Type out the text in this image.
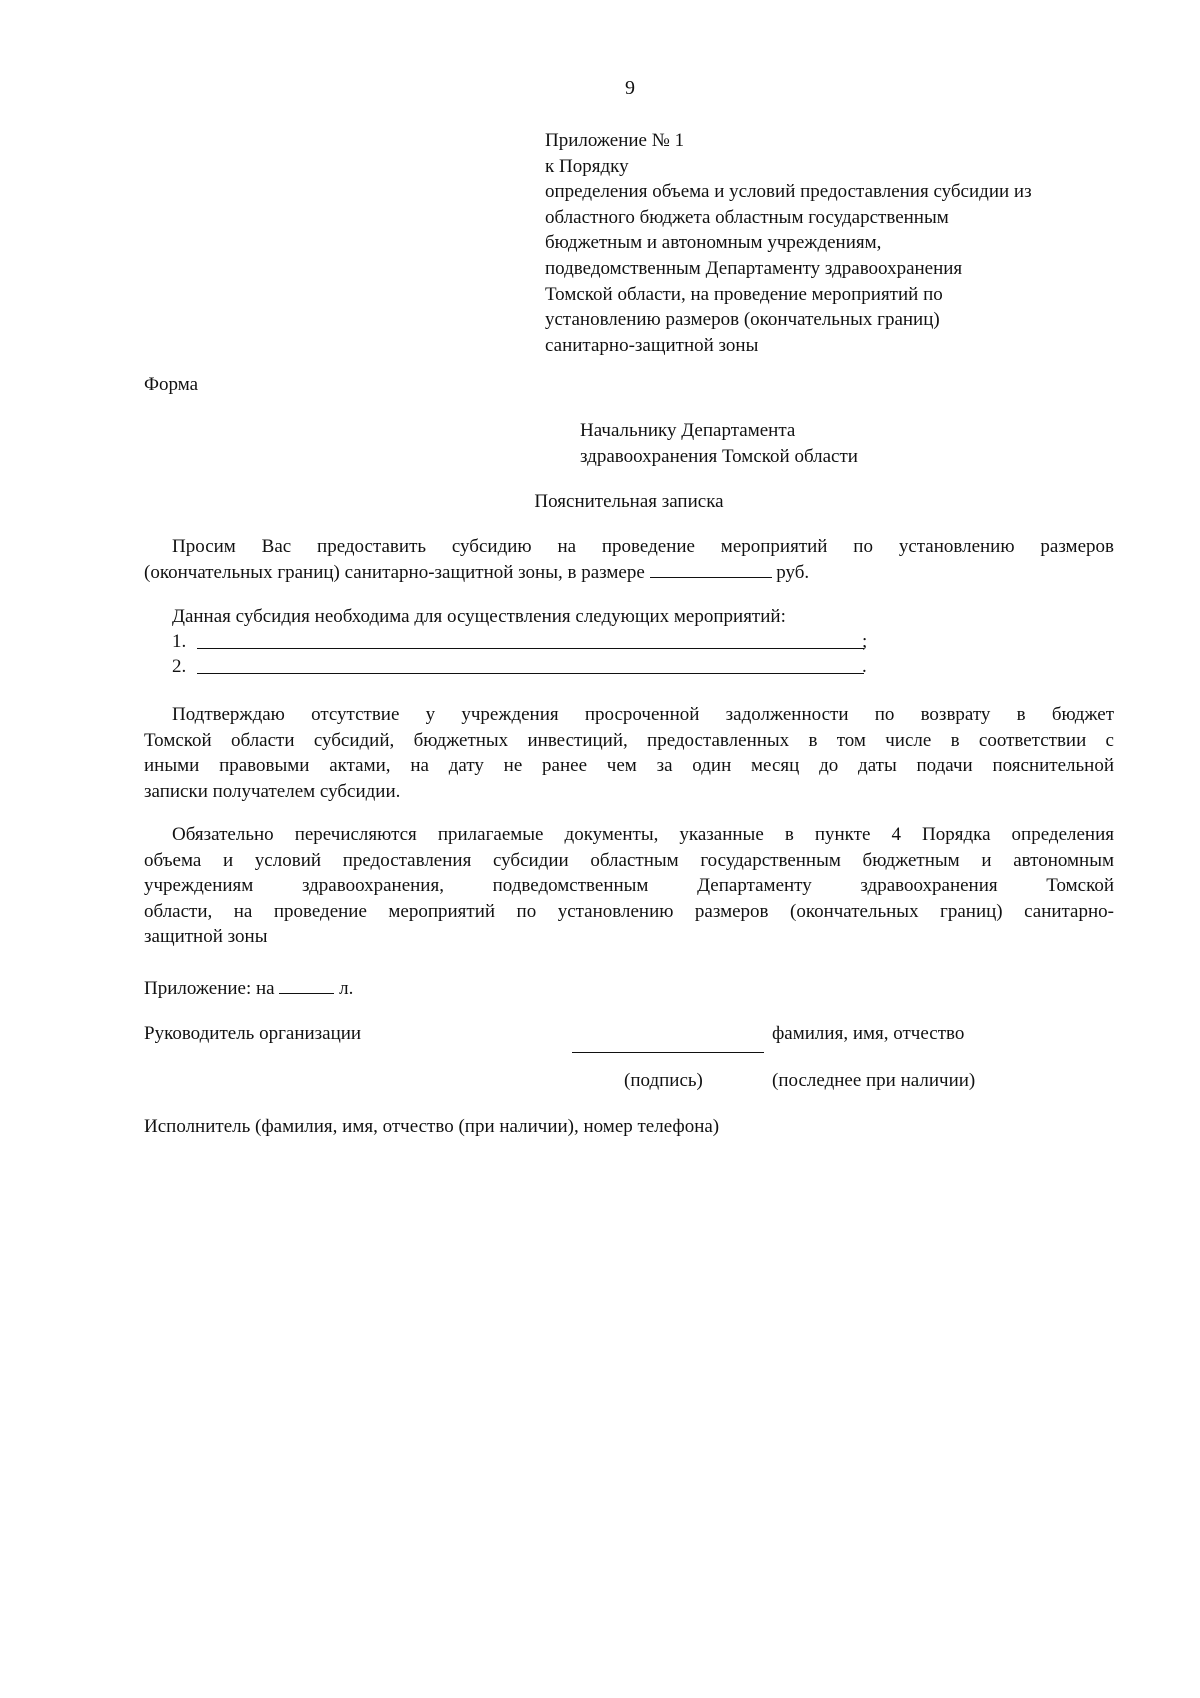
9
Приложение № 1
к Порядку
определения объема и условий предоставления субсидии из
областного бюджета областным государственным
бюджетным и автономным учреждениям,
подведомственным Департаменту здравоохранения
Томской области, на проведение мероприятий по
установлению размеров (окончательных границ)
санитарно-защитной зоны
Форма
Начальнику Департамента
здравоохранения Томской области
Пояснительная записка
Просим Вас предоставить субсидию на проведение мероприятий по установлению размеров
(окончательных границ) санитарно-защитной зоны, в размере	руб.
Данная субсидия необходима для осуществления следующих мероприятий:
1.	;
2.	.
Подтверждаю отсутствие у учреждения просроченной задолженности по возврату в бюджет
Томской области субсидий, бюджетных инвестиций, предоставленных в том числе в соответствии с
иными правовыми актами, на дату не ранее чем за один месяц до даты подачи пояснительной
записки получателем субсидии.
Обязательно перечисляются прилагаемые документы, указанные в пункте 4 Порядка определения
объема и условий предоставления субсидии областным государственным бюджетным и автономным
учреждениям здравоохранения, подведомственным Департаменту здравоохранения Томской
области, на проведение мероприятий по установлению размеров (окончательных границ) санитарно-
защитной зоны
Приложение: на	л.
Руководитель организации	фамилия, имя, отчество
(подпись)	(последнее при наличии)
Исполнитель (фамилия, имя, отчество (при наличии), номер телефона)
